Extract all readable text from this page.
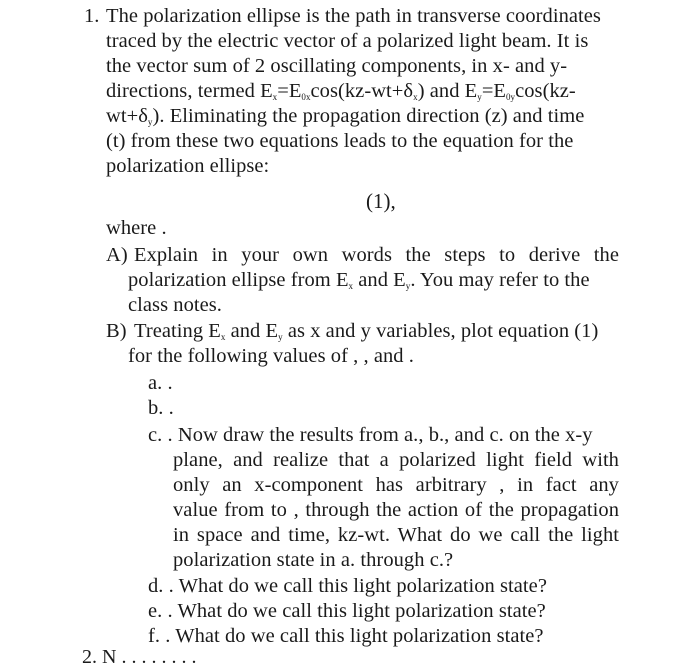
1. The polarization ellipse is the path in transverse coordinates
traced by the electric vector of a polarized light beam. It is
the vector sum of 2 oscillating components, in x- and y-
directions, termed $E_x=E_{0x}\cos(kz-wt+\delta_x)$ and $E_y=E_{0y}\cos(kz-$
$wt+\delta_y$). Eliminating the propagation direction (z) and time
(t) from these two equations leads to the equation for the
polarization ellipse:
(1),
where .
A) Explain in your own words the steps to derive the
polarization ellipse from $E_x$ and $E_y$. You may refer to the
class notes.
B) Treating $E_x$ and $E_y$ as x and y variables, plot equation (1)
for the following values of , , and .
a. .
b. .
c. . Now draw the results from a., b., and c. on the x-y
plane, and realize that a polarized light field with
only an x-component has arbitrary , in fact any
value from to , through the action of the propagation
in space and time, kz-wt. What do we call the light
polarization state in a. through c.?
d. . What do we call this light polarization state?
e. . What do we call this light polarization state?
f. . What do we call this light polarization state?
2. N . . . . . . . .
